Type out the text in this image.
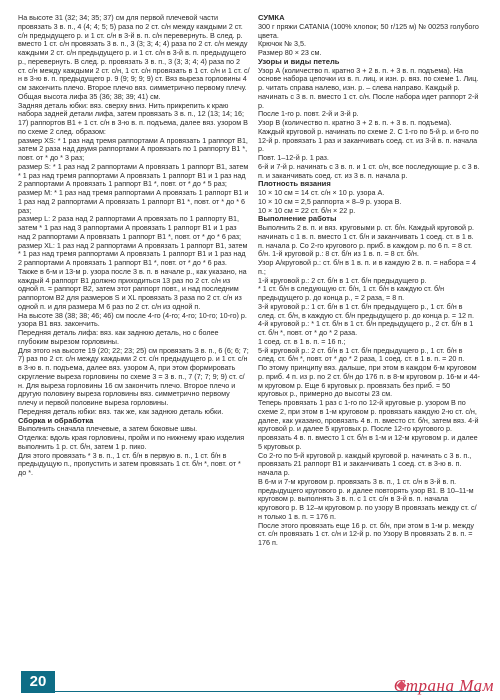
На высоте 31 (32; 34; 35; 37) см для первой плечевой части провязать 3 в. п., 4 (4; 4; 5; 5) раза по 2 ст. с/н между каждыми 2 ст. с/н предыдущего р. и 1 ст. с/н в 3-й в. п. с/н перевернуть. В след. р. вместо 1 ст. с/н провязать 3 в. п., 3 (3; 3; 4; 4) раза по 2 ст. с/н между каждыми 2 ст. с/н предыдущего р. и 1 ст. с/н в 3-й в. п. предыдущего р., перевернуть. В след. р. провязать 3 в. п., 3 (3; 3; 4; 4) раза по 2 ст. с/н между каждыми 2 ст. с/н, 1 ст. с/н провязать в 1 ст. с/н и 1 ст. с/н в 3-ю в. п. предыдущего р. 9 (9; 9; 9; 9) ст. Вяз выреза горловины 4 см закончить плечо. Второе плечо вяз. симметрично первому плечу. Общая высота лифа 35 (36; 38; 39; 41) см.

Задняя деталь юбки: вяз. сверху вниз. Нить прикрепить к краю набора задней детали лифа, затем провязать 3 в. п., 12 (13; 14; 16; 17) раппортов В1 + 1 ст. с/н в 3-ю в. п. подъема, далее вяз. узором В по схеме 2 след. образом:

размер XS: * 1 раз над тремя раппортами А провязать 1 раппорт В1, затем 2 раза над двумя раппортами А провязать по 1 раппорту В1 *, повт. от * до * 3 раз;

размер S: * 1 раз над 2 раппортами А провязать 1 раппорт В1, затем * 1 раз над тремя раппортами А провязать 1 раппорт В1 и 1 раз над 2 раппортами А провязать 1 раппорт В1 *, повт. от * до * 5 раз;

размер М: * 1 раз над тремя раппортами А провязать 1 раппорт В1 и 1 раз над 2 раппортами А провязать 1 раппорт В1 *, повт. от * до * 6 раз;

размер L: 2 раза над 2 раппортами А провязать по 1 раппорту В1, затем * 1 раз над 3 раппортами А провязать 1 раппорт В1 и 1 раз над 2 раппортами А провязать 1 раппорт В1 *, повт. от * до * 6 раз;

размер XL: 1 раз над 2 раппортами А провязать 1 раппорт В1, затем * 1 раз над тремя раппортами А провязать 1 раппорт В1 и 1 раз над 2 раппортами А провязать 1 раппорт В1 *, повт. от * до * 6 раз.

Также в 6-м и 13-м р. узора после 3 в. п. в начале р., как указано, на каждый 4 раппорт В1 должно приходиться 13 раз по 2 ст. с/н из одной п. = раппорт В2, затем этот раппорт повт., и над последним раппортом В2 для размеров S и XL провязать 3 раза по 2 ст. с/н из одной п. и для размера М 6 раз по 2 ст. с/н из одной п.

На высоте 38 (38; 38; 46; 46) см после 4-го (4-го; 4-го; 10-го; 10-го) р. узора В1 вяз. закончить.

Передняя деталь лифа: вяз. как заднюю деталь, но с более глубоким вырезом горловины.

Для этого на высоте 19 (20; 22; 23; 25) см провязать 3 в. п., 6 (6; 6; 7; 7) раз по 2 ст. с/н между каждыми 2 ст. с/н предыдущего р. и 1 ст. с/н в 3-ю в. п. подъема, далее вяз. узором А, при этом формировать скругление выреза горловины по схеме 3 = 3 в. п., 7 (7; 7; 9; 9) ст. с/н. Для выреза горловины 16 см закончить плечо. Второе плечо и другую половину выреза горловины вяз. симметрично первому плечу и первой половине выреза горловины.

Передняя деталь юбки: вяз. так же, как заднюю деталь юбки.

Сборка и обработка

Выполнить сначала плечевые, а затем боковые швы.

Отделка: вдоль края горловины, пройм и по нижнему краю изделия выполнить 1 р. ст. б/н, затем 1 р. пико.

Для этого провязать * 3 в. п., 1 ст. б/н в первую в. п., 1 ст. б/н в предыдущую п., пропустить и затем провязать 1 ст. б/н *, повт. от * до *.

СУМКА

300 г пряжи CATANIA (100% хлопок; 50 г/125 м) № 00253 голубого цвета.

Крючок № 3,5.

Размер 80 × 23 см.

Узоры и виды петель

Узор А (количество п. кратно 3 + 2 в. п. + 3 в. п. подъема). На основе набора цепочки из в. п. лиц. и изн. р. вяз. по схеме 1. Лиц. р. читать справа налево, изн. р. – слева направо. Каждый р. начинать с 3 в. п. вместо 1 ст. с/н. После набора идет раппорт 2-й р.

После 1-го р. повт. 2-й и 3-й р.

Узор В (количество п. кратно 3 + 2 в. п. + 3 в. п. подъема). Каждый круговой р. начинать по схеме 2. С 1-го по 5-й р. и 6-го по 12-й р. провязать 1 раз и заканчивать соед. ст. из 3-й в. п. начала р.

Повт. 1–12-й р. 1 раз.

6-й и 7-й р. начинать с 3 в. п. и 1 ст. с/н, все последующие р. с 3 в. п. и заканчивать соед. ст. из 3 в. п. начала р.

Плотность вязания

10 × 10 см = 14 ст. с/н × 10 р. узора А.

10 × 10 см = 2,5 раппорта × 8–9 р. узора В.

10 × 10 см = 22 ст. б/н × 22 р.

Выполнение работы

Выполнить 2 в. п. и вяз. круговыми р. ст. б/н. Каждый круговой р. начинать с 1 в. п. вместо 1 ст. б/н и заканчивать 1 соед. ст. в 1 в. п. начала р. Со 2-го кругового р. приб. в каждом р. по 6 п. = 8 ст. б/н. 1-й круговой р.: 8 ст. б/н из 1 в. п. = 8 ст. б/н.

Узор А/круговой р.: ст. б/н в 1 в. п. и в каждую 2 в. п. = набора = 4 п.;

1-й круговой р.: 2 ст. б/н в 1 ст. б/н предыдущего р.

* 1 ст. б/н в следующую ст. б/н, 1 ст. б/н в каждую ст. б/н предыдущего р. до конца р., = 2 раза, = 8 п.

3-й круговой р.: 1 ст. б/н в 1 ст. б/н предыдущего р., 1 ст. б/н в след. ст. б/н, в каждую ст. б/н предыдущего р. до конца р. = 12 п.

4-й круговой р.: * 1 ст. б/н в 1 ст. б/н предыдущего р., 2 ст. б/н в 1 ст. б/н *, повт. от * до * 2 раза.

1 соед. ст. в 1 в. п. = 16 п.;

5-й круговой р.: 2 ст. б/н в 1 ст. б/н предыдущего р., 1 ст. б/н в след. ст. б/н *, повт. от * до * 2 раза, 1 соед. ст. в 1 в. п. = 20 п.

По этому принципу вяз. дальше, при этом в каждом 6-м круговом р. приб. 4 п. из р. по 2 ст. б/н до 176 п. в 8-м круговом р. 16-м и 44-м круговом р. Еще 6 круговых р. провязать без приб. = 50 круговых р., примерно до высоты 23 см.

Теперь провязать 1 раз с 1-го по 12-й круговые р. узором В по схеме 2, при этом в 1-м круговом р. провязать каждую 2-ю ст. с/н, далее, как указано, провязать 4 в. п. вместо ст. б/н, затем вяз. 4-й круговой р. и далее 5 круговых р. После 12-го кругового р. провязать 4 в. п. вместо 1 ст. б/н в 1-м и 12-м круговом р. и далее 5 круговых р.

Со 2-го по 5-й круговой р. каждый круговой р. начинать с 3 в. п., провязать 21 раппорт В1 и заканчивать 1 соед. ст. в 3-ю в. п. начала р.

В 6-м и 7-м круговом р. провязать 3 в. п., 1 ст. с/н в 3-й в. п. предыдущего кругового р. и далее повторять узор В1. В 10–11-м круговом р. выполнять 3 в. п. с 1 ст. с/н в 3-й в. п. начала кругового р. В 12–м круговом р. по узору В провязать между ст. с/н только 1 в. п. = 176 п.

После этого провязать еще 16 р. ст. б/н, при этом в 1-м р. между ст. с/н провязать 1 ст. с/н и 12-й р. по Узору В провязать 2 в. п. = 176 п.

20	Страна Мам
